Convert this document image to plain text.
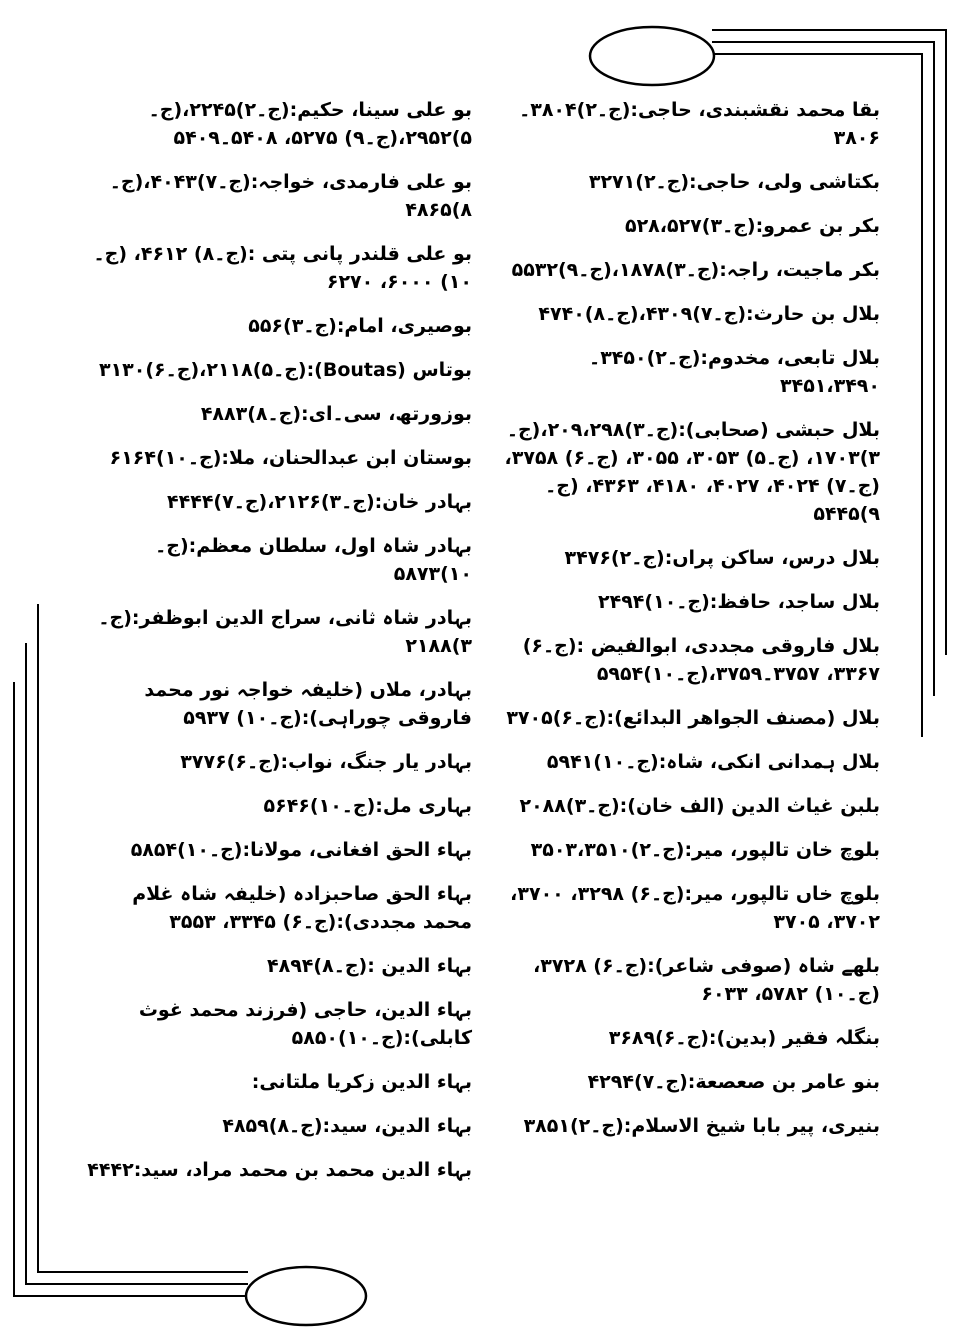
بقا محمد نقشبندی، حاجی:(ج۔۲)۳۸۰۴۔۳۸۰۶

بکتاشی ولی، حاجی:(ج۔۲)۳۲۷۱

بکر بن عمرو:(ج۔۳)۵۲۸،۵۲۷

بکر ماجیت، راجہ:(ج۔۳)۱۸۷۸،(ج۔۹)۵۵۳۲

بلال بن حارث:(ج۔۷)۴۳۰۹،(ج۔۸)۴۷۴۰

بلال تابعی، مخدوم:(ج۔۲)۳۴۵۰۔۳۴۵۱،۳۴۹۰

بلال حبشی (صحابی):(ج۔۳)۲۰۹،۲۹۸،(ج۔۳)۱۷۰۳، (ج۔۵) ۳۰۵۳، ۳۰۵۵، (ج۔۶) ۳۷۵۸، (ج۔۷) ۴۰۲۴، ۴۰۲۷، ۴۱۸۰، ۴۳۶۳، (ج۔۹)۵۴۴۵

بلال درس، ساکن پراں:(ج۔۲)۳۴۷۶

بلال ساجد، حافظ:(ج۔۱۰)۲۴۹۴

بلال فاروقی مجددی، ابوالفیض :(ج۔۶) ۳۳۶۷، ۳۷۵۷۔۳۷۵۹،(ج۔۱۰)۵۹۵۴

بلال (مصنف الجواهر البدائع):(ج۔۶)۳۷۰۵

بلال ہمدانی انکی، شاہ:(ج۔۱۰)۵۹۴۱

بلبن غیاث الدین (الف خان):(ج۔۳)۲۰۸۸

بلوچ خان تالپور، میر:(ج۔۲)۳۵۰۳،۳۵۱۰

بلوچ خاں تالپور، میر:(ج۔۶) ۳۲۹۸، ۳۷۰۰، ۳۷۰۲، ۳۷۰۵

بلھے شاہ (صوفی شاعر):(ج۔۶) ۳۷۲۸، (ج۔۱۰) ۵۷۸۲، ۶۰۳۳

بنگلہ فقیر (بدین):(ج۔۶)۳۶۸۹

بنو عامر بن صعصعة:(ج۔۷)۴۲۹۴

بنیری، پیر بابا شیخ الاسلام:(ج۔۲)۳۸۵۱

بو علی سینا، حکیم:(ج۔۲)۲۲۴۵،(ج۔۵)۲۹۵۲،(ج۔۹) ۵۲۷۵، ۵۴۰۸۔۵۴۰۹

بو علی فارمدی، خواجہ:(ج۔۷)۴۰۴۳،(ج۔۸)۴۸۶۵

بو علی قلندر پانی پتی :(ج۔۸) ۴۶۱۲، (ج۔۱۰) ۶۰۰۰، ۶۲۷۰

بوصیری، امام:(ج۔۳)۵۵۶

بوتاس (Boutas):(ج۔۵)۲۱۱۸،(ج۔۶)۳۱۳۰

بوزورتھ، سی۔ای:(ج۔۸)۴۸۸۳

بوستان ابن عبدالحنان، ملا:(ج۔۱۰)۶۱۶۴

بہادر خان:(ج۔۳)۲۱۲۶،(ج۔۷)۴۴۴۴

بہادر شاہ اول، سلطان معظم:(ج۔۱۰)۵۸۷۳

بہادر شاہ ثانی، سراج الدین ابوظفر:(ج۔۳)۲۱۸۸

بہادر، ملاں (خلیفہ خواجہ نور محمد فاروقی چوراہی):(ج۔۱۰) ۵۹۳۷

بہادر یار جنگ، نواب:(ج۔۶)۳۷۷۶

بہاری مل:(ج۔۱۰)۵۶۴۶

بہاء الحق افغانی، مولانا:(ج۔۱۰)۵۸۵۴

بہاء الحق صاحبزادہ (خلیفہ شاہ غلام محمد مجددی):(ج۔۶) ۳۳۴۵، ۳۵۵۳

بہاء الدین :(ج۔۸)۴۸۹۴

بہاء الدین، حاجی (فرزند محمد غوث کابلی):(ج۔۱۰)۵۸۵۰

بہاء الدین زکریا ملتانی:

بہاء الدین، سید:(ج۔۸)۴۸۵۹

بہاء الدین محمد بن محمد مراد، سید:۴۴۴۲
